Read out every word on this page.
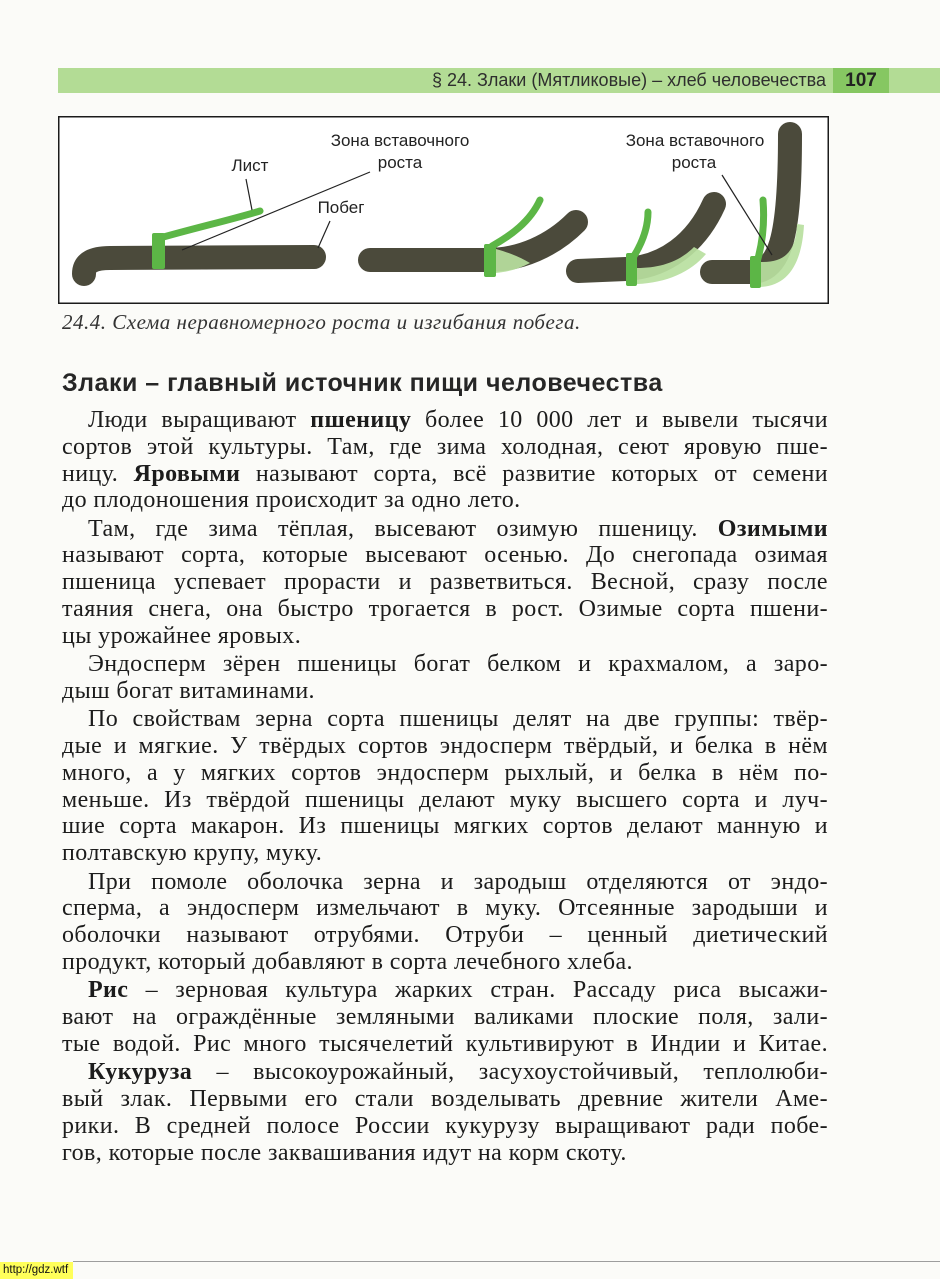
§ 24. Злаки (Мятликовые) – хлеб человечества	107
Лист
Зона вставочного
роста
Побег
Зона вставочного
роста
24.4. Схема неравномерного роста и изгибания побега.
Злаки – главный источник пищи человечества
Люди выращивают пшеницу более 10 000 лет и вывели тысячи
сортов этой культуры. Там, где зима холодная, сеют яровую пше-
ницу. Яровыми называют сорта, всё развитие которых от семени
до плодоношения происходит за одно лето.
Там, где зима тёплая, высевают озимую пшеницу. Озимыми
называют сорта, которые высевают осенью. До снегопада озимая
пшеница успевает прорасти и разветвиться. Весной, сразу после
таяния снега, она быстро трогается в рост. Озимые сорта пшени-
цы урожайнее яровых.
Эндосперм зёрен пшеницы богат белком и крахмалом, а заро-
дыш богат витаминами.
По свойствам зерна сорта пшеницы делят на две группы: твёр-
дые и мягкие. У твёрдых сортов эндосперм твёрдый, и белка в нём
много, а у мягких сортов эндосперм рыхлый, и белка в нём по-
меньше. Из твёрдой пшеницы делают муку высшего сорта и луч-
шие сорта макарон. Из пшеницы мягких сортов делают манную и
полтавскую крупу, муку.
При помоле оболочка зерна и зародыш отделяются от эндо-
сперма, а эндосперм измельчают в муку. Отсеянные зародыши и
оболочки называют отрубями. Отруби – ценный диетический
продукт, который добавляют в сорта лечебного хлеба.
Рис – зерновая культура жарких стран. Рассаду риса высажи-
вают на ограждённые земляными валиками плоские поля, зали-
тые водой. Рис много тысячелетий культивируют в Индии и Китае.
Кукуруза – высокоурожайный, засухоустойчивый, теплолюби-
вый злак. Первыми его стали возделывать древние жители Аме-
рики. В средней полосе России кукурузу выращивают ради побе-
гов, которые после заквашивания идут на корм скоту.
http://gdz.wtf
